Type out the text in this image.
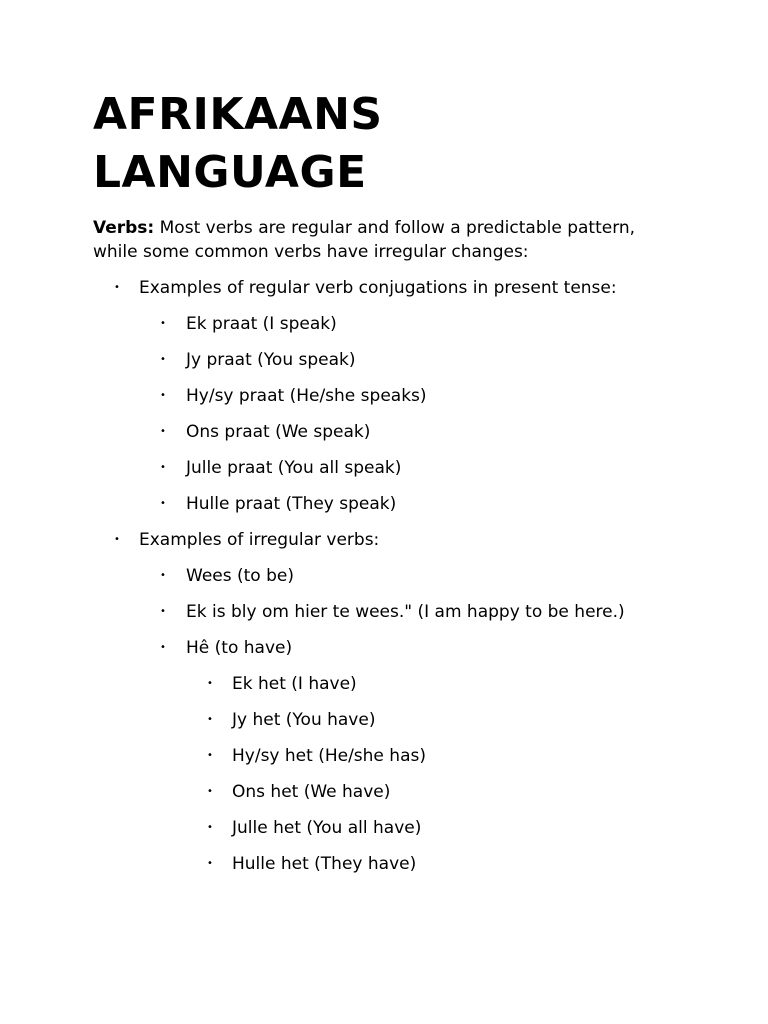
AFRIKAANS
LANGUAGE

Verbs: Most verbs are regular and follow a predictable pattern, while some common verbs have irregular changes:

• Examples of regular verb conjugations in present tense:
• Ek praat (I speak)
• Jy praat (You speak)
• Hy/sy praat (He/she speaks)
• Ons praat (We speak)
• Julle praat (You all speak)
• Hulle praat (They speak)
• Examples of irregular verbs:
• Wees (to be)
• Ek is bly om hier te wees." (I am happy to be here.)
• Hê (to have)
• Ek het (I have)
• Jy het (You have)
• Hy/sy het (He/she has)
• Ons het (We have)
• Julle het (You all have)
• Hulle het (They have)
